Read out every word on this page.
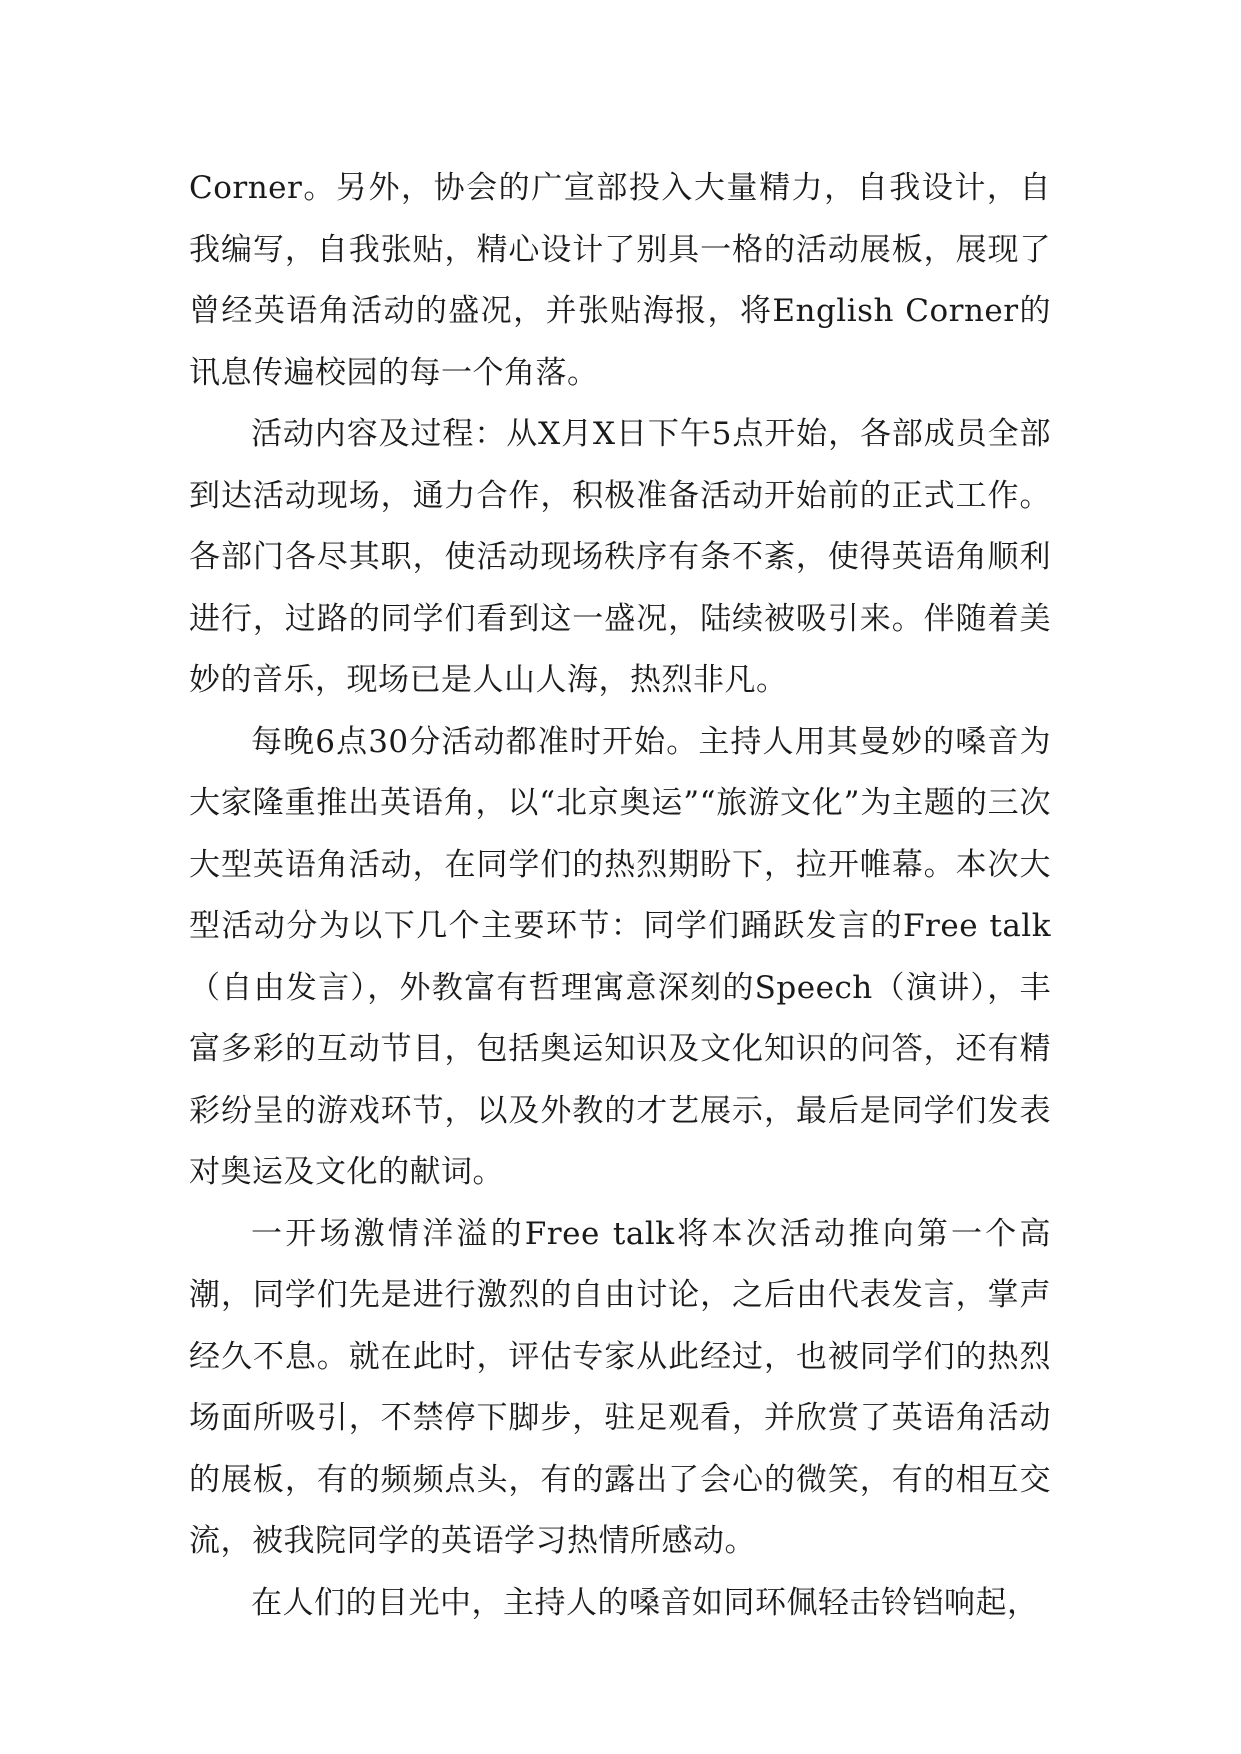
Corner。另外，协会的广宣部投入大量精力，自我设计，自我编写，自我张贴，精心设计了别具一格的活动展板，展现了曾经英语角活动的盛况，并张贴海报，将English Corner的讯息传遍校园的每一个角落。

活动内容及过程：从X月X日下午5点开始，各部成员全部到达活动现场，通力合作，积极准备活动开始前的正式工作。各部门各尽其职，使活动现场秩序有条不紊，使得英语角顺利进行，过路的同学们看到这一盛况，陆续被吸引来。伴随着美妙的音乐，现场已是人山人海，热烈非凡。

每晚6点30分活动都准时开始。主持人用其曼妙的嗓音为大家隆重推出英语角，以“北京奥运”“旅游文化”为主题的三次大型英语角活动，在同学们的热烈期盼下，拉开帷幕。本次大型活动分为以下几个主要环节：同学们踊跃发言的Free talk（自由发言），外教富有哲理寓意深刻的Speech（演讲），丰富多彩的互动节目，包括奥运知识及文化知识的问答，还有精彩纷呈的游戏环节，以及外教的才艺展示，最后是同学们发表对奥运及文化的献词。

一开场激情洋溢的Free talk将本次活动推向第一个高潮，同学们先是进行激烈的自由讨论，之后由代表发言，掌声经久不息。就在此时，评估专家从此经过，也被同学们的热烈场面所吸引，不禁停下脚步，驻足观看，并欣赏了英语角活动的展板，有的频频点头，有的露出了会心的微笑，有的相互交流，被我院同学的英语学习热情所感动。

在人们的目光中，主持人的嗓音如同环佩轻击铃铛响起，
